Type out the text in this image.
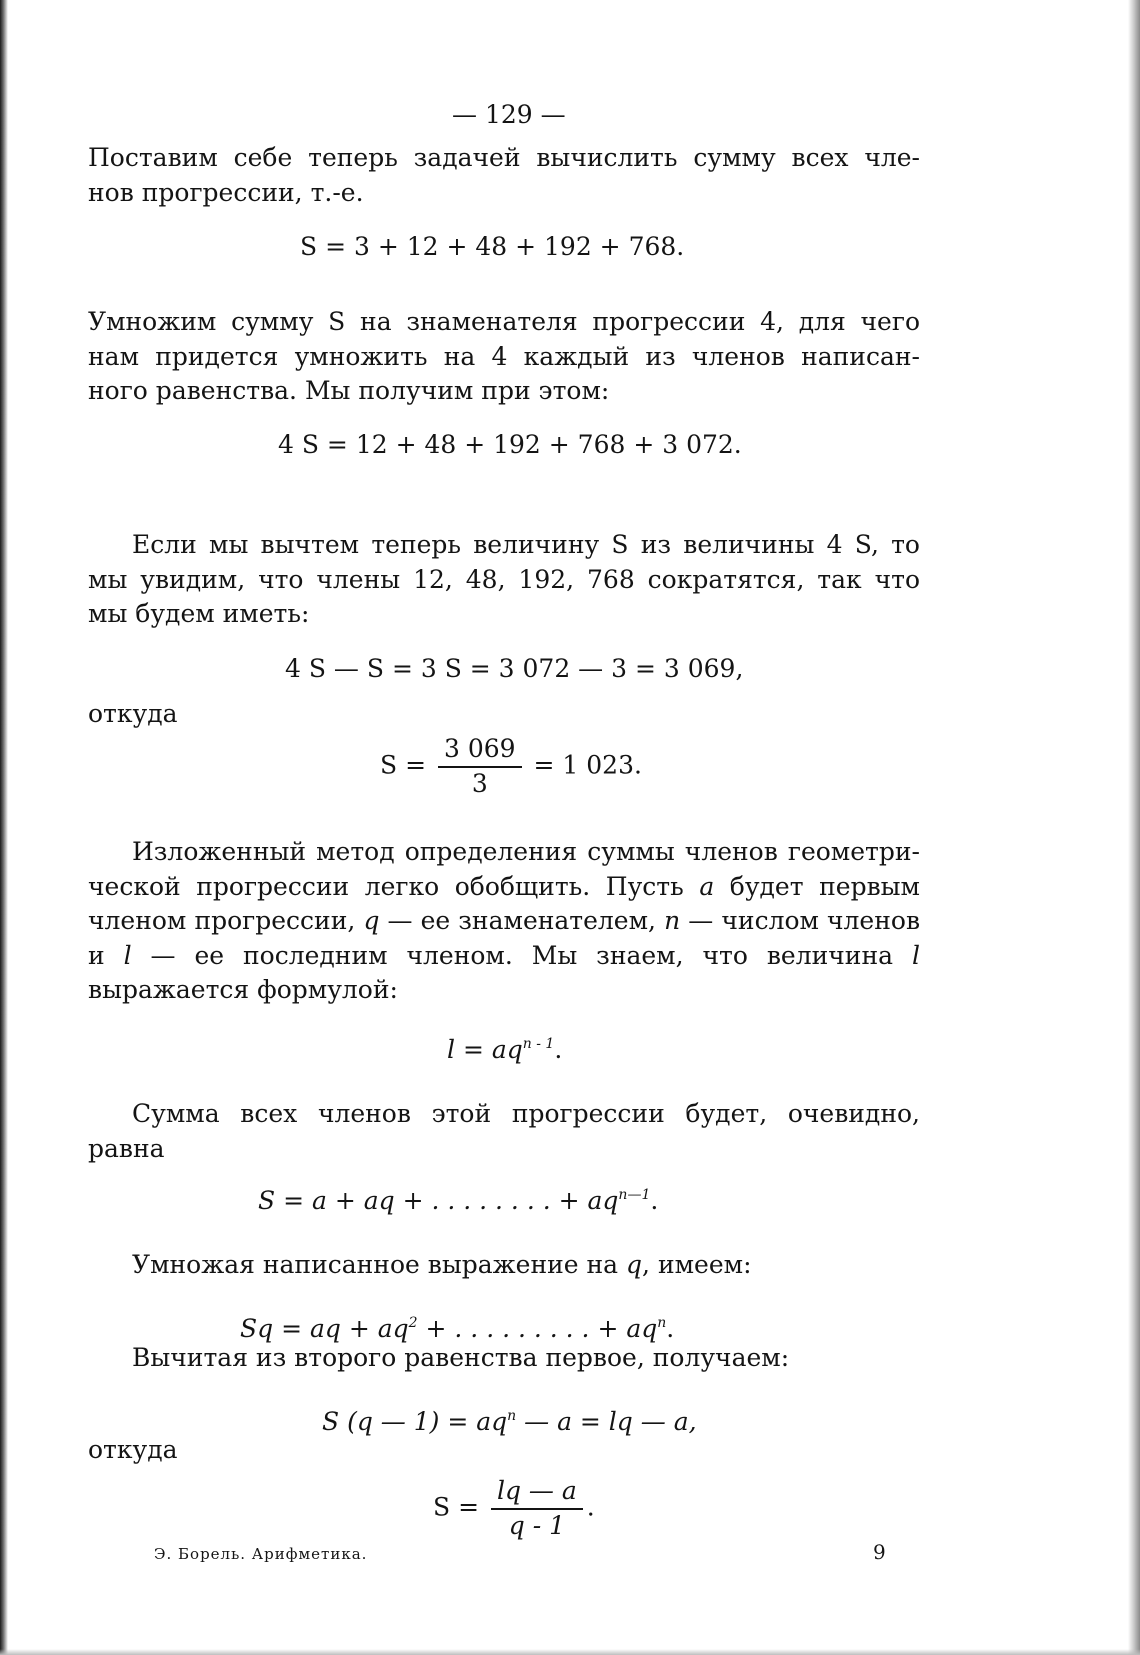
— 129 —
Поставим себе теперь задачей вычислить сумму всех чле-
нов прогрессии, т.-е.
S = 3 + 12 + 48 + 192 + 768.
Умножим сумму S на знаменателя прогрессии 4, для чего
нам придется умножить на 4 каждый из членов написан-
ного равенства. Мы получим при этом:
4 S = 12 + 48 + 192 + 768 + 3 072.
Если мы вычтем теперь величину S из величины 4 S, то
мы увидим, что члены 12, 48, 192, 768 сократятся, так что
мы будем иметь:
4 S — S = 3 S = 3 072 — 3 = 3 069,
откуда
$S = \frac{3 069}{3} = 1$ 023.
Изложенный метод определения суммы членов геометри-
ческой прогрессии легко обобщить. Пусть a будет первым
членом прогрессии, q — ее знаменателем, n — числом членов
и l — ее последним членом. Мы знаем, что величина l
выражается формулой:
$l = aq^{n - 1}$.
Сумма всех членов этой прогрессии будет, очевидно,
равна
S = a + aq + . . . . . . . . + $aq^{n—1}$.
Умножая написанное выражение на q, имеем:
Sq = aq + $aq^2$ + . . . . . . . . . + $aq^n$.
Вычитая из второго равенства первое, получаем:
S (q — $1) = aq^n$ — a = lq — a,
откуда
$S = \frac{lq — a}{q - 1}$ .
Э. Борель. Арифметика.	9
